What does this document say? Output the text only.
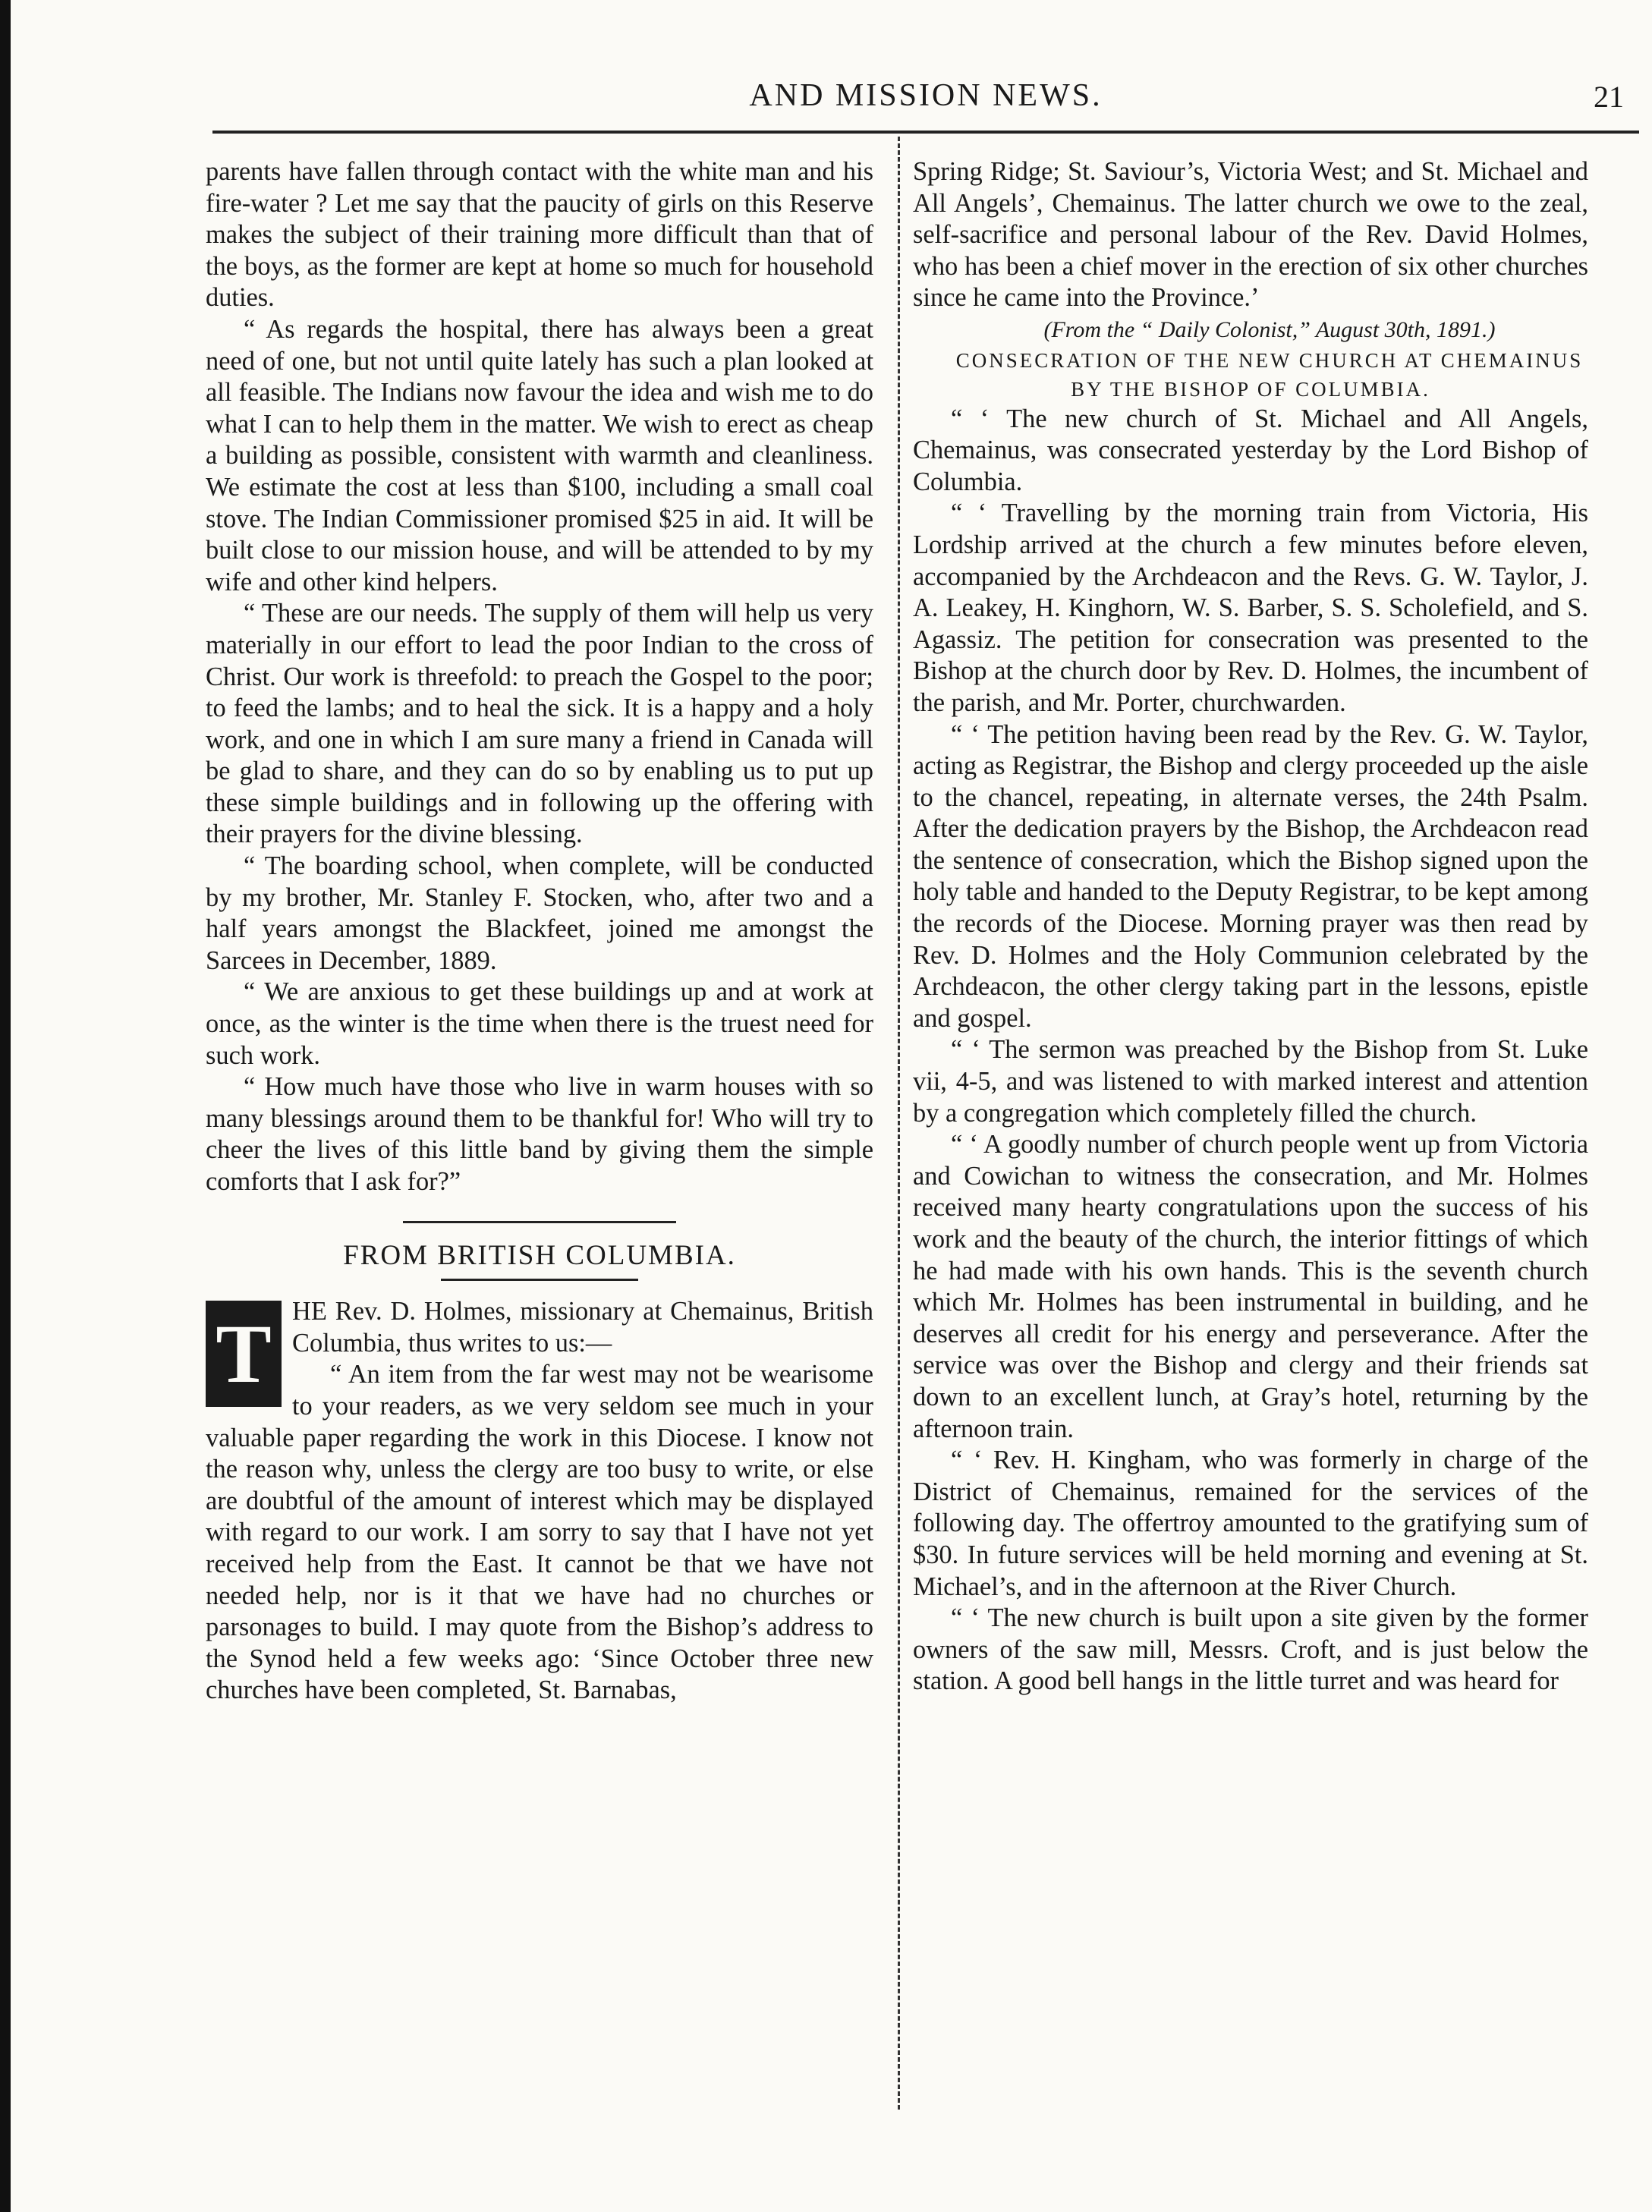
AND MISSION NEWS.	21

parents have fallen through contact with the white man and his fire-water ? Let me say that the paucity of girls on this Reserve makes the subject of their training more difficult than that of the boys, as the former are kept at home so much for household duties.

“ As regards the hospital, there has always been a great need of one, but not until quite lately has such a plan looked at all feasible. The Indians now favour the idea and wish me to do what I can to help them in the matter. We wish to erect as cheap a building as possible, consistent with warmth and cleanliness. We estimate the cost at less than $100, including a small coal stove. The Indian Commissioner promised $25 in aid. It will be built close to our mission house, and will be attended to by my wife and other kind helpers.

“ These are our needs. The supply of them will help us very materially in our effort to lead the poor Indian to the cross of Christ. Our work is threefold: to preach the Gospel to the poor; to feed the lambs; and to heal the sick. It is a happy and a holy work, and one in which I am sure many a friend in Canada will be glad to share, and they can do so by enabling us to put up these simple buildings and in following up the offering with their prayers for the divine blessing.

“ The boarding school, when complete, will be conducted by my brother, Mr. Stanley F. Stocken, who, after two and a half years amongst the Blackfeet, joined me amongst the Sarcees in December, 1889.

“ We are anxious to get these buildings up and at work at once, as the winter is the time when there is the truest need for such work.

“ How much have those who live in warm houses with so many blessings around them to be thankful for! Who will try to cheer the lives of this little band by giving them the simple comforts that I ask for?”

FROM BRITISH COLUMBIA.
T HE Rev. D. Holmes, missionary at Chemainus, British Columbia, thus writes to us:—

“ An item from the far west may not be wearisome to your readers, as we very seldom see much in your valuable paper regarding the work in this Diocese. I know not the reason why, unless the clergy are too busy to write, or else are doubtful of the amount of interest which may be displayed with regard to our work. I am sorry to say that I have not yet received help from the East. It cannot be that we have not needed help, nor is it that we have had no churches or parsonages to build. I may quote from the Bishop’s address to the Synod held a few weeks ago: ‘Since October three new churches have been completed, St. Barnabas,

Spring Ridge; St. Saviour’s, Victoria West; and St. Michael and All Angels’, Chemainus. The latter church we owe to the zeal, self-sacrifice and personal labour of the Rev. David Holmes, who has been a chief mover in the erection of six other churches since he came into the Province.’

(From the “ Daily Colonist,” August 30th, 1891.)

CONSECRATION OF THE NEW CHURCH AT CHEMAINUS BY THE BISHOP OF COLUMBIA.

“ ‘ The new church of St. Michael and All Angels, Chemainus, was consecrated yesterday by the Lord Bishop of Columbia.

“ ‘ Travelling by the morning train from Victoria, His Lordship arrived at the church a few minutes before eleven, accompanied by the Archdeacon and the Revs. G. W. Taylor, J. A. Leakey, H. Kinghorn, W. S. Barber, S. S. Scholefield, and S. Agassiz. The petition for consecration was presented to the Bishop at the church door by Rev. D. Holmes, the incumbent of the parish, and Mr. Porter, churchwarden.

“ ‘ The petition having been read by the Rev. G. W. Taylor, acting as Registrar, the Bishop and clergy proceeded up the aisle to the chancel, repeating, in alternate verses, the 24th Psalm. After the dedication prayers by the Bishop, the Archdeacon read the sentence of consecration, which the Bishop signed upon the holy table and handed to the Deputy Registrar, to be kept among the records of the Diocese. Morning prayer was then read by Rev. D. Holmes and the Holy Communion celebrated by the Archdeacon, the other clergy taking part in the lessons, epistle and gospel.

“ ‘ The sermon was preached by the Bishop from St. Luke vii, 4-5, and was listened to with marked interest and attention by a congregation which completely filled the church.

“ ‘ A goodly number of church people went up from Victoria and Cowichan to witness the consecration, and Mr. Holmes received many hearty congratulations upon the success of his work and the beauty of the church, the interior fittings of which he had made with his own hands. This is the seventh church which Mr. Holmes has been instrumental in building, and he deserves all credit for his energy and perseverance. After the service was over the Bishop and clergy and their friends sat down to an excellent lunch, at Gray’s hotel, returning by the afternoon train.

“ ‘ Rev. H. Kingham, who was formerly in charge of the District of Chemainus, remained for the services of the following day. The offertroy amounted to the gratifying sum of $30. In future services will be held morning and evening at St. Michael’s, and in the afternoon at the River Church.

“ ‘ The new church is built upon a site given by the former owners of the saw mill, Messrs. Croft, and is just below the station. A good bell hangs in the little turret and was heard for
